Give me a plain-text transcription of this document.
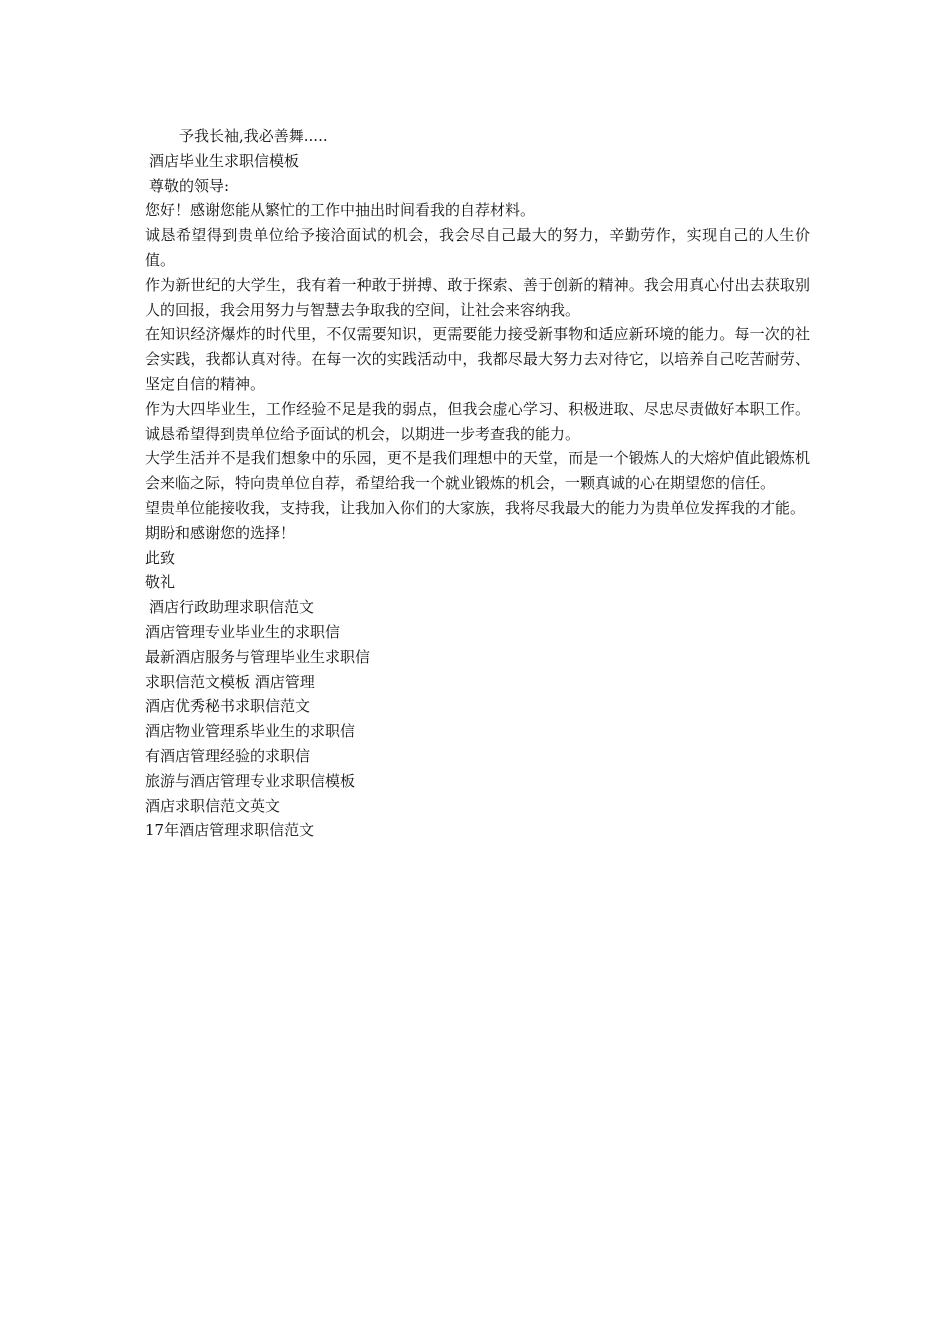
予我长袖,我必善舞.....

酒店毕业生求职信模板

尊敬的领导:

您好！感谢您能从繁忙的工作中抽出时间看我的自荐材料。

诚恳希望得到贵单位给予接洽面试的机会，我会尽自己最大的努力，辛勤劳作，实现自己的人生价值。

作为新世纪的大学生，我有着一种敢于拼搏、敢于探索、善于创新的精神。我会用真心付出去获取别人的回报，我会用努力与智慧去争取我的空间，让社会来容纳我。

在知识经济爆炸的时代里，不仅需要知识，更需要能力接受新事物和适应新环境的能力。每一次的社会实践，我都认真对待。在每一次的实践活动中，我都尽最大努力去对待它，以培养自己吃苦耐劳、坚定自信的精神。

作为大四毕业生，工作经验不足是我的弱点，但我会虚心学习、积极进取、尽忠尽责做好本职工作。诚恳希望得到贵单位给予面试的机会，以期进一步考查我的能力。

大学生活并不是我们想象中的乐园，更不是我们理想中的天堂，而是一个锻炼人的大熔炉值此锻炼机会来临之际，特向贵单位自荐，希望给我一个就业锻炼的机会，一颗真诚的心在期望您的信任。

望贵单位能接收我，支持我，让我加入你们的大家族，我将尽我最大的能力为贵单位发挥我的才能。

期盼和感谢您的选择！

此致

敬礼

酒店行政助理求职信范文

酒店管理专业毕业生的求职信

最新酒店服务与管理毕业生求职信

求职信范文模板 酒店管理

酒店优秀秘书求职信范文

酒店物业管理系毕业生的求职信

有酒店管理经验的求职信

旅游与酒店管理专业求职信模板

酒店求职信范文英文

17年酒店管理求职信范文
